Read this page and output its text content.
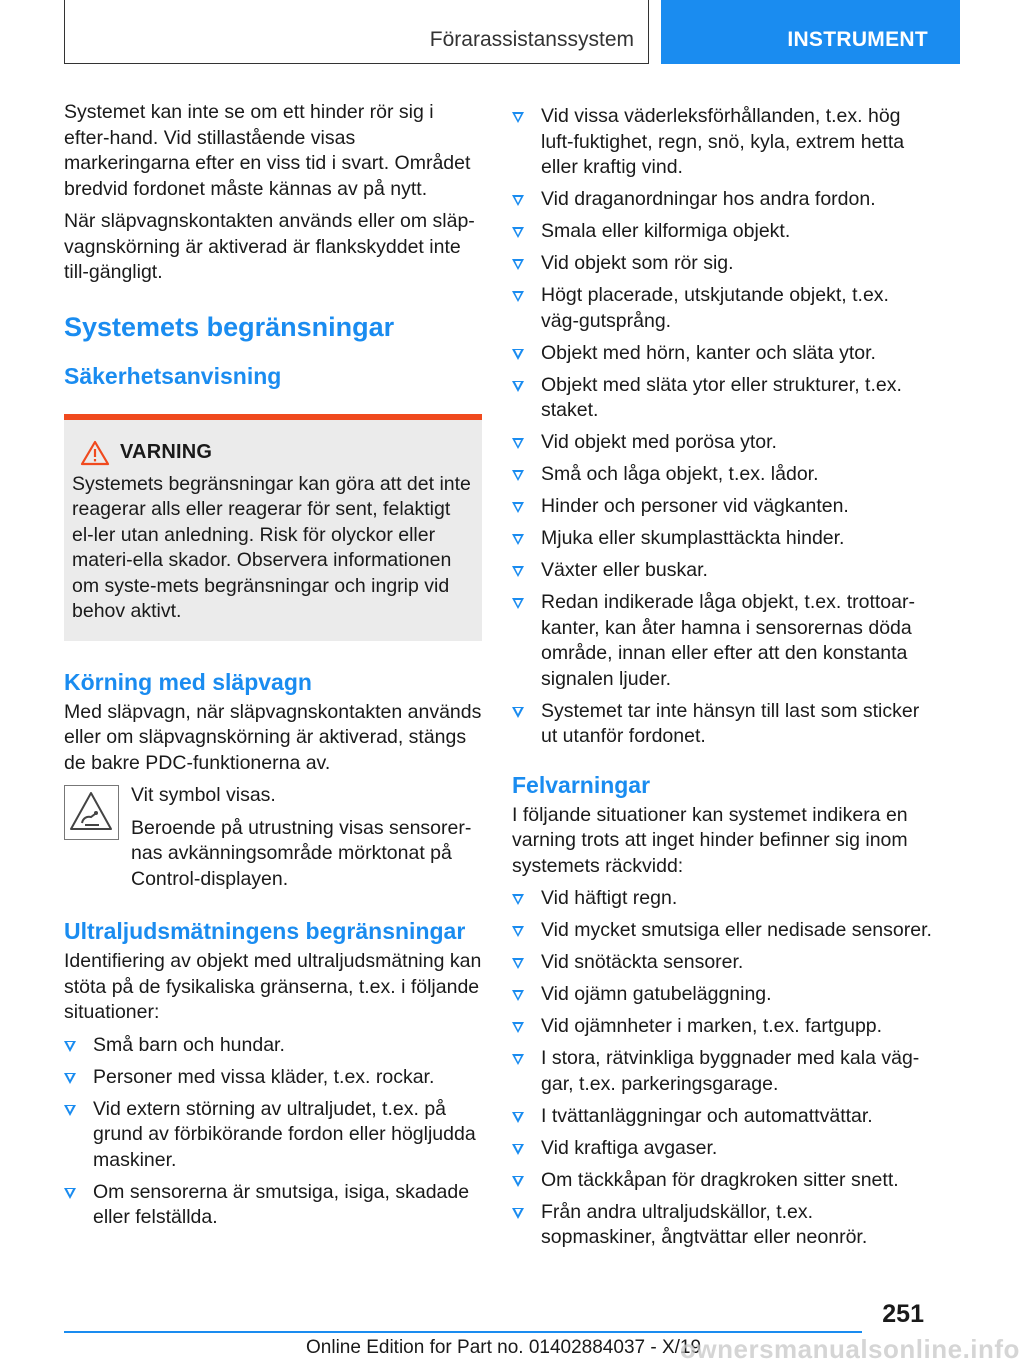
Förarassistanssystem	INSTRUMENT

Systemet kan inte se om ett hinder rör sig i efter-hand. Vid stillastående visas markeringarna efter en viss tid i svart. Området bredvid fordonet måste kännas av på nytt.

När släpvagnskontakten används eller om släp-vagnskörning är aktiverad är flankskyddet inte till-gängligt.

Systemets begränsningar
Säkerhetsanvisning
VARNING

Systemets begränsningar kan göra att det inte reagerar alls eller reagerar för sent, felaktigt el-ler utan anledning. Risk för olyckor eller materi-ella skador. Observera informationen om syste-mets begränsningar och ingrip vid behov aktivt.

Körning med släpvagn

Med släpvagn, när släpvagnskontakten används eller om släpvagnskörning är aktiverad, stängs de bakre PDC-funktionerna av.

Vit symbol visas.

Beroende på utrustning visas sensorer-nas avkänningsområde mörktonat på Control-displayen.

Ultraljudsmätningens begränsningar

Identifiering av objekt med ultraljudsmätning kan stöta på de fysikaliska gränserna, t.ex. i följande situationer:

Små barn och hundar.
Personer med vissa kläder, t.ex. rockar.
Vid extern störning av ultraljudet, t.ex. på grund av förbikörande fordon eller högljudda maskiner.
Om sensorerna är smutsiga, isiga, skadade eller felställda.
Vid vissa väderleksförhållanden, t.ex. hög luft-fuktighet, regn, snö, kyla, extrem hetta eller kraftig vind.
Vid draganordningar hos andra fordon.
Smala eller kilformiga objekt.
Vid objekt som rör sig.
Högt placerade, utskjutande objekt, t.ex. väg-gutsprång.
Objekt med hörn, kanter och släta ytor.
Objekt med släta ytor eller strukturer, t.ex. staket.
Vid objekt med porösa ytor.
Små och låga objekt, t.ex. lådor.
Hinder och personer vid vägkanten.
Mjuka eller skumplasttäckta hinder.
Växter eller buskar.
Redan indikerade låga objekt, t.ex. trottoar-kanter, kan åter hamna i sensorernas döda område, innan eller efter att den konstanta signalen ljuder.
Systemet tar inte hänsyn till last som sticker ut utanför fordonet.
Felvarningar

I följande situationer kan systemet indikera en varning trots att inget hinder befinner sig inom systemets räckvidd:

Vid häftigt regn.
Vid mycket smutsiga eller nedisade sensorer.
Vid snötäckta sensorer.
Vid ojämn gatubeläggning.
Vid ojämnheter i marken, t.ex. fartgupp.
I stora, rätvinkliga byggnader med kala väg-gar, t.ex. parkeringsgarage.
I tvättanläggningar och automattvättar.
Vid kraftiga avgaser.
Om täckkåpan för dragkroken sitter snett.
Från andra ultraljudskällor, t.ex. sopmaskiner, ångtvättar eller neonrör.
251
Online Edition for Part no. 01402884037 - X/19
ownersmanualsonline.info
